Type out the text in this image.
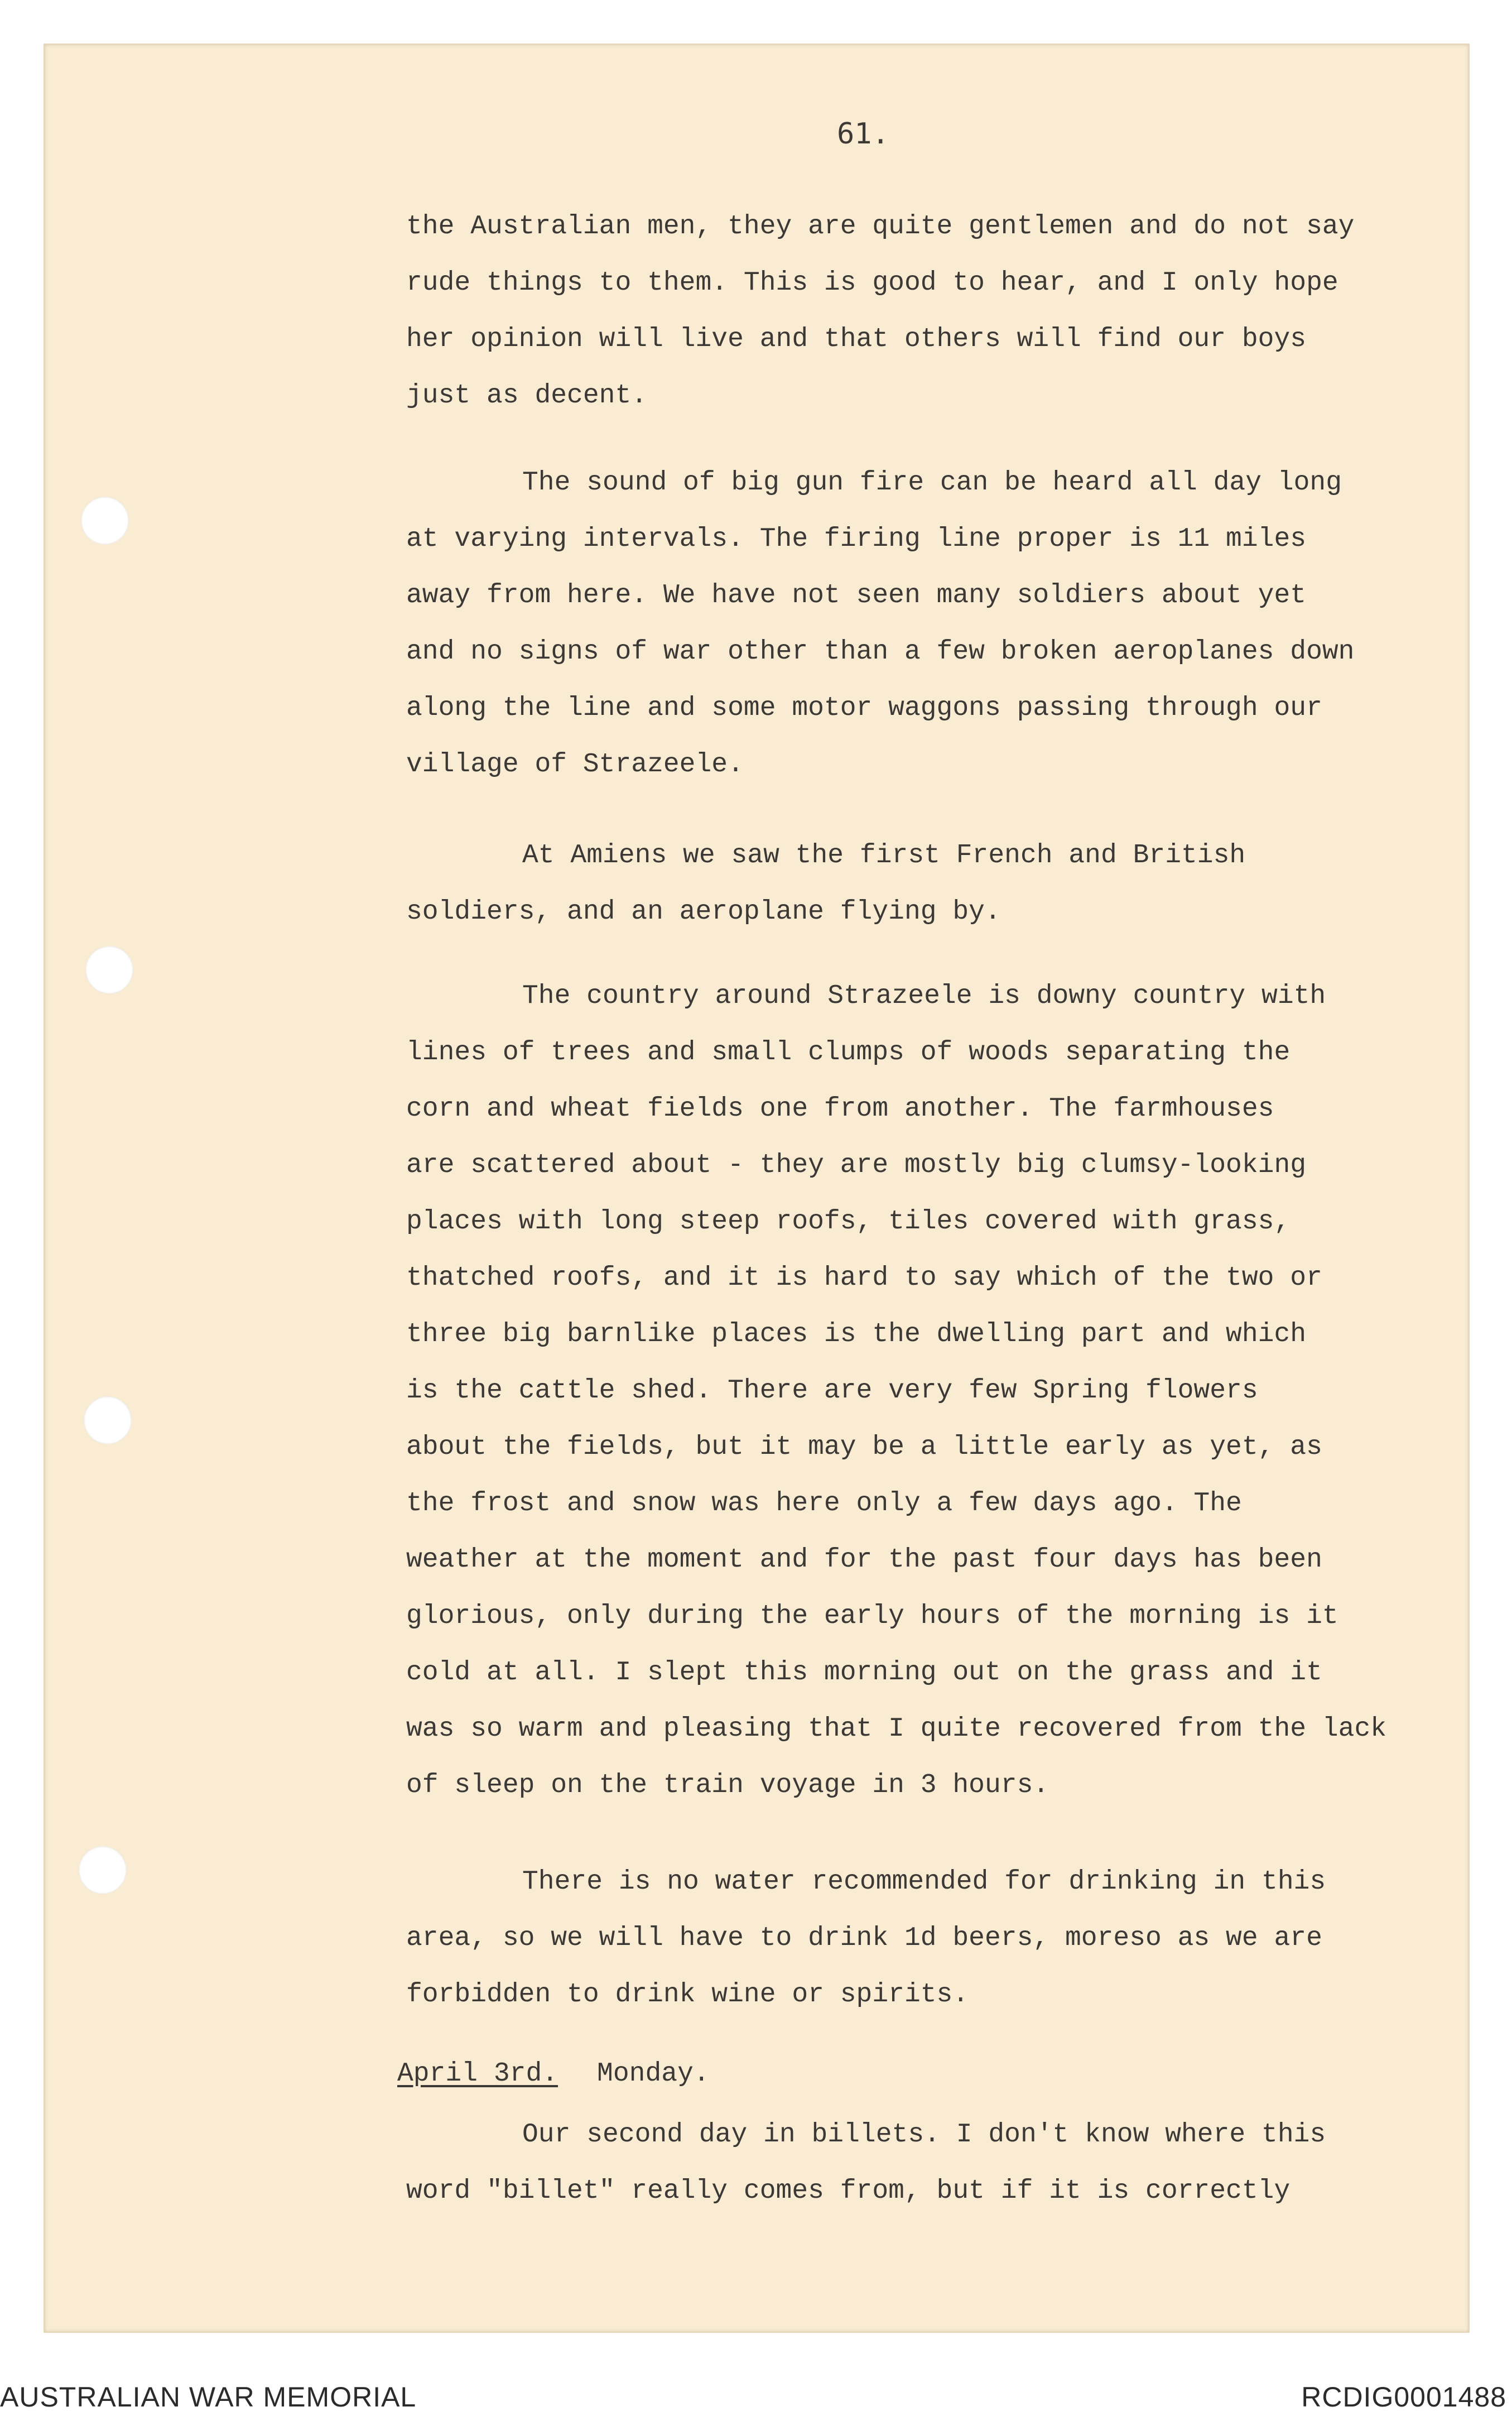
61.
the Australian men, they are quite gentlemen and do not say
rude things to them. This is good to hear, and I only hope
her opinion will live and that others will find our boys
just as decent.
The sound of big gun fire can be heard all day long
at varying intervals. The firing line proper is 11 miles
away from here. We have not seen many soldiers about yet
and no signs of war other than a few broken aeroplanes down
along the line and some motor waggons passing through our
village of Strazeele.
At Amiens we saw the first French and British
soldiers, and an aeroplane flying by.
The country around Strazeele is downy country with
lines of trees and small clumps of woods separating the
corn and wheat fields one from another. The farmhouses
are scattered about - they are mostly big clumsy-looking
places with long steep roofs, tiles covered with grass,
thatched roofs, and it is hard to say which of the two or
three big barnlike places is the dwelling part and which
is the cattle shed. There are very few Spring flowers
about the fields, but it may be a little early as yet, as
the frost and snow was here only a few days ago. The
weather at the moment and for the past four days has been
glorious, only during the early hours of the morning is it
cold at all. I slept this morning out on the grass and it
was so warm and pleasing that I quite recovered from the lack
of sleep on the train voyage in 3 hours.
There is no water recommended for drinking in this
area, so we will have to drink 1d beers, moreso as we are
forbidden to drink wine or spirits.
April 3rd. Monday.
Our second day in billets. I don't know where this
word "billet" really comes from, but if it is correctly
AUSTRALIAN WAR MEMORIAL	RCDIG0001488
